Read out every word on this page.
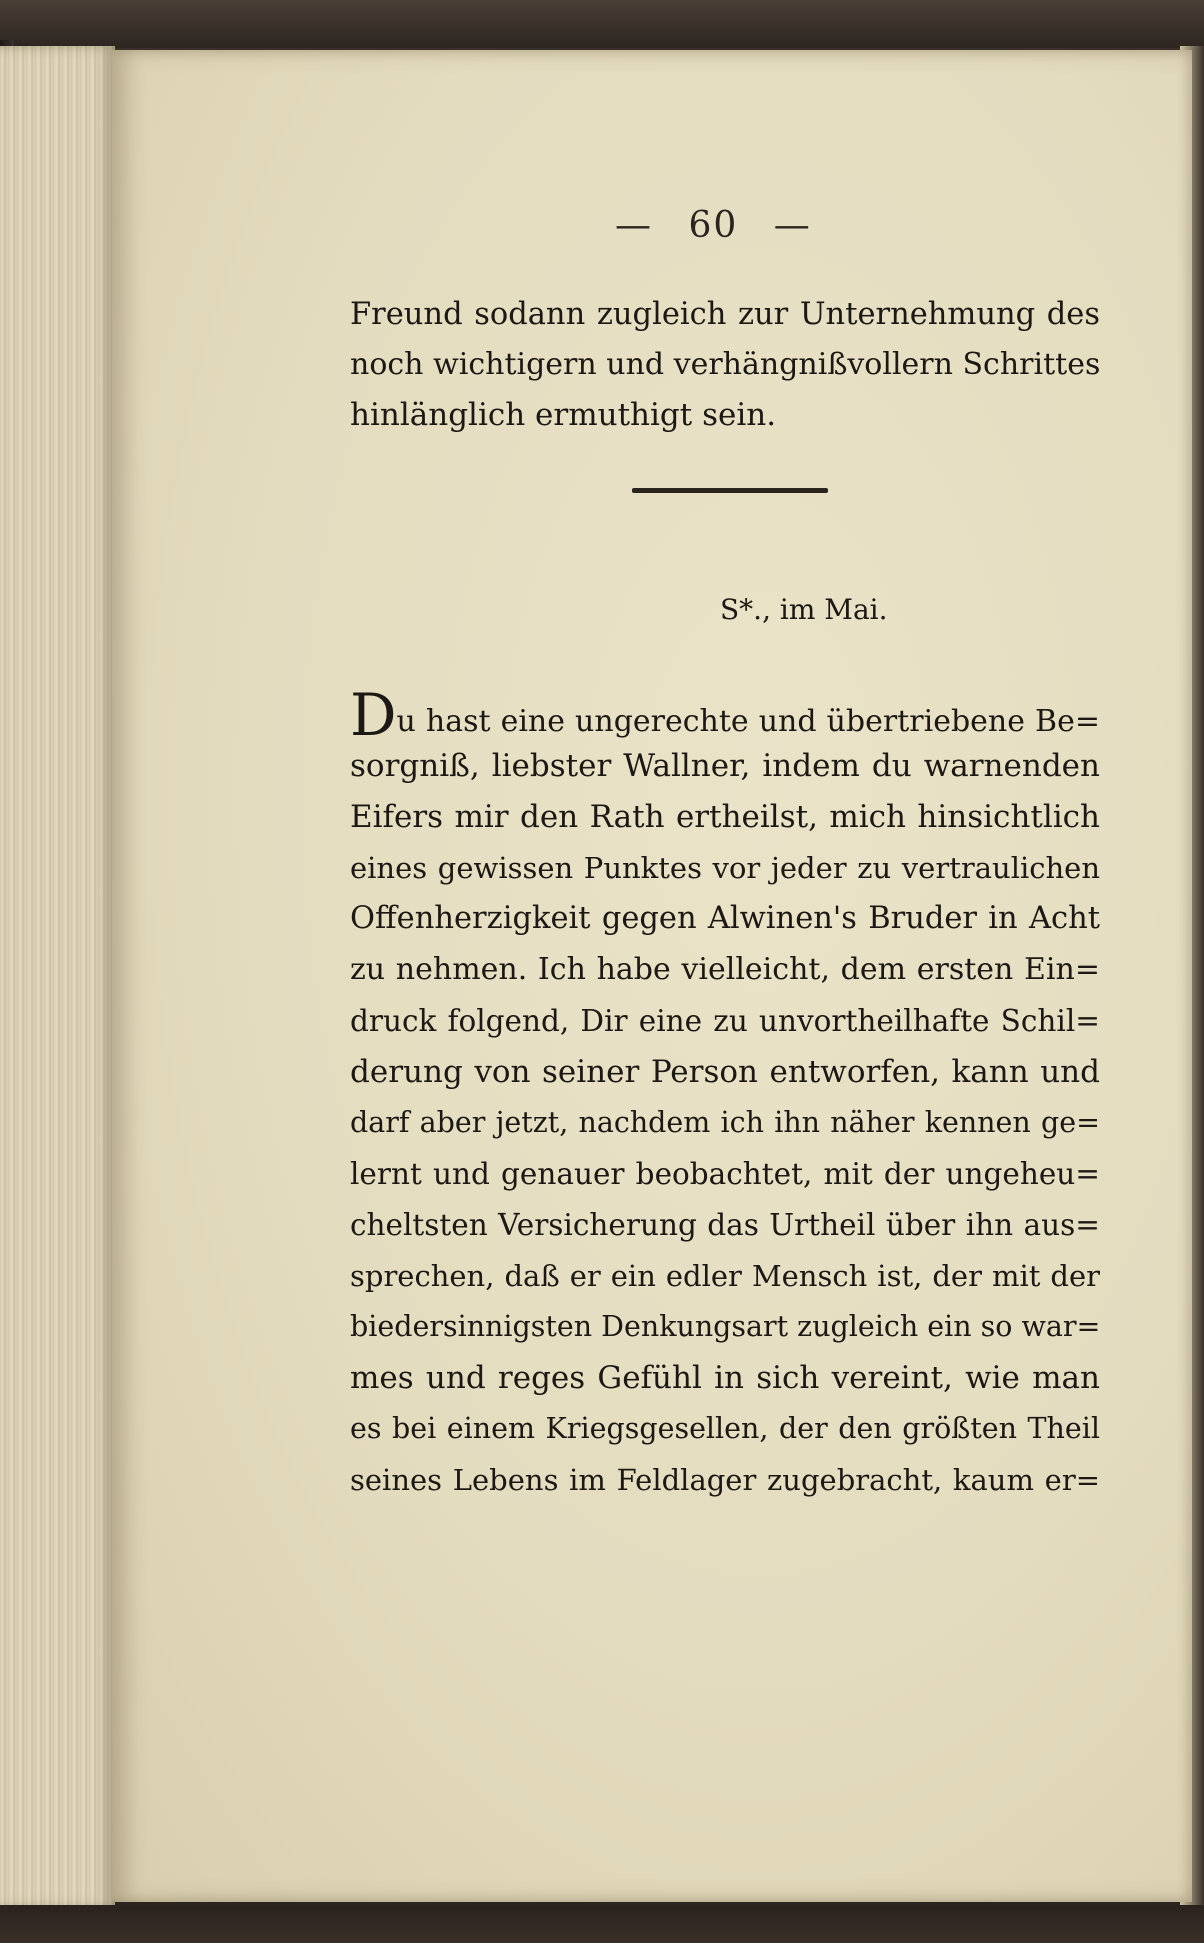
— 60 —
Freund sodann zugleich zur Unternehmung des
noch wichtigern und verhängnißvollern Schrittes
hinlänglich ermuthigt sein.
S*., im Mai.
Du hast eine ungerechte und übertriebene Be=
sorgniß, liebster Wallner, indem du warnenden
Eifers mir den Rath ertheilst, mich hinsichtlich
eines gewissen Punktes vor jeder zu vertraulichen
Offenherzigkeit gegen Alwinen's Bruder in Acht
zu nehmen. Ich habe vielleicht, dem ersten Ein=
druck folgend, Dir eine zu unvortheilhafte Schil=
derung von seiner Person entworfen, kann und
darf aber jetzt, nachdem ich ihn näher kennen ge=
lernt und genauer beobachtet, mit der ungeheu=
cheltsten Versicherung das Urtheil über ihn aus=
sprechen, daß er ein edler Mensch ist, der mit der
biedersinnigsten Denkungsart zugleich ein so war=
mes und reges Gefühl in sich vereint, wie man
es bei einem Kriegsgesellen, der den größten Theil
seines Lebens im Feldlager zugebracht, kaum er=
